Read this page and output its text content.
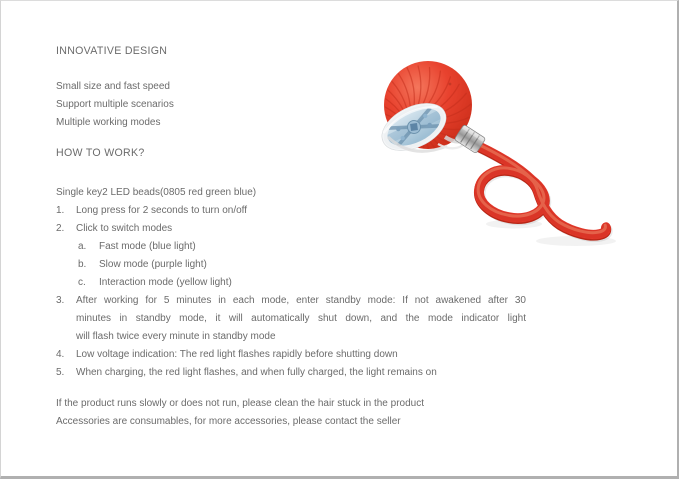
INNOVATIVE DESIGN
Small size and fast speed
Support multiple scenarios
Multiple working modes
HOW TO WORK?
Single key2 LED beads(0805 red green blue)
1. Long press for 2 seconds to turn on/off
2. Click to switch modes
a. Fast mode (blue light)
b. Slow mode (purple light)
c. Interaction mode (yellow light)
3. After working for 5 minutes in each mode, enter standby mode: If not awakened after 30
minutes in standby mode, it will automatically shut down, and the mode indicator light
will flash twice every minute in standby mode
4. Low voltage indication: The red light flashes rapidly before shutting down
5. When charging, the red light flashes, and when fully charged, the light remains on
If the product runs slowly or does not run, please clean the hair stuck in the product
Accessories are consumables, for more accessories, please contact the seller
